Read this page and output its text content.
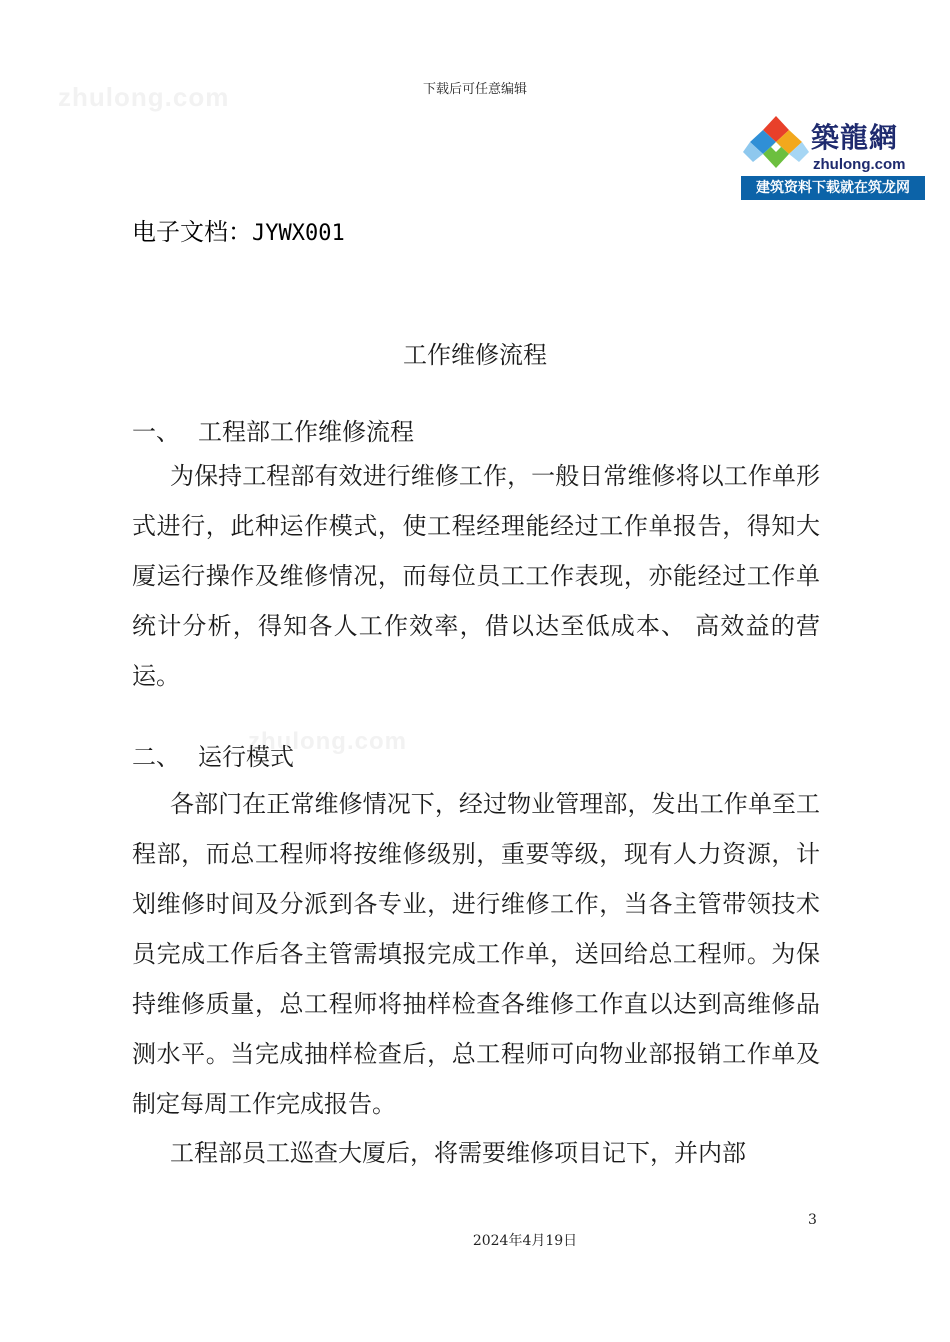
zhulong.com
zhulong.com
下载后可任意编辑
築龍網
zhulong.com
建筑资料下载就在筑龙网
电子文档：JYWX001
工作维修流程
一、 工程部工作维修流程

为保持工程部有效进行维修工作，一般日常维修将以工作单形式进行，此种运作模式，使工程经理能经过工作单报告，得知大厦运行操作及维修情况，而每位员工工作表现，亦能经过工作单统计分析，得知各人工作效率，借以达至低成本、 高效益的营运。

二、 运行模式

各部门在正常维修情况下，经过物业管理部，发出工作单至工程部，而总工程师将按维修级别，重要等级，现有人力资源，计划维修时间及分派到各专业，进行维修工作，当各主管带领技术员完成工作后各主管需填报完成工作单，送回给总工程师。为保持维修质量，总工程师将抽样检查各维修工作直以达到高维修品测水平。当完成抽样检查后，总工程师可向物业部报销工作单及制定每周工作完成报告。

工程部员工巡查大厦后，将需要维修项目记下，并内部

3
2024年4月19日
